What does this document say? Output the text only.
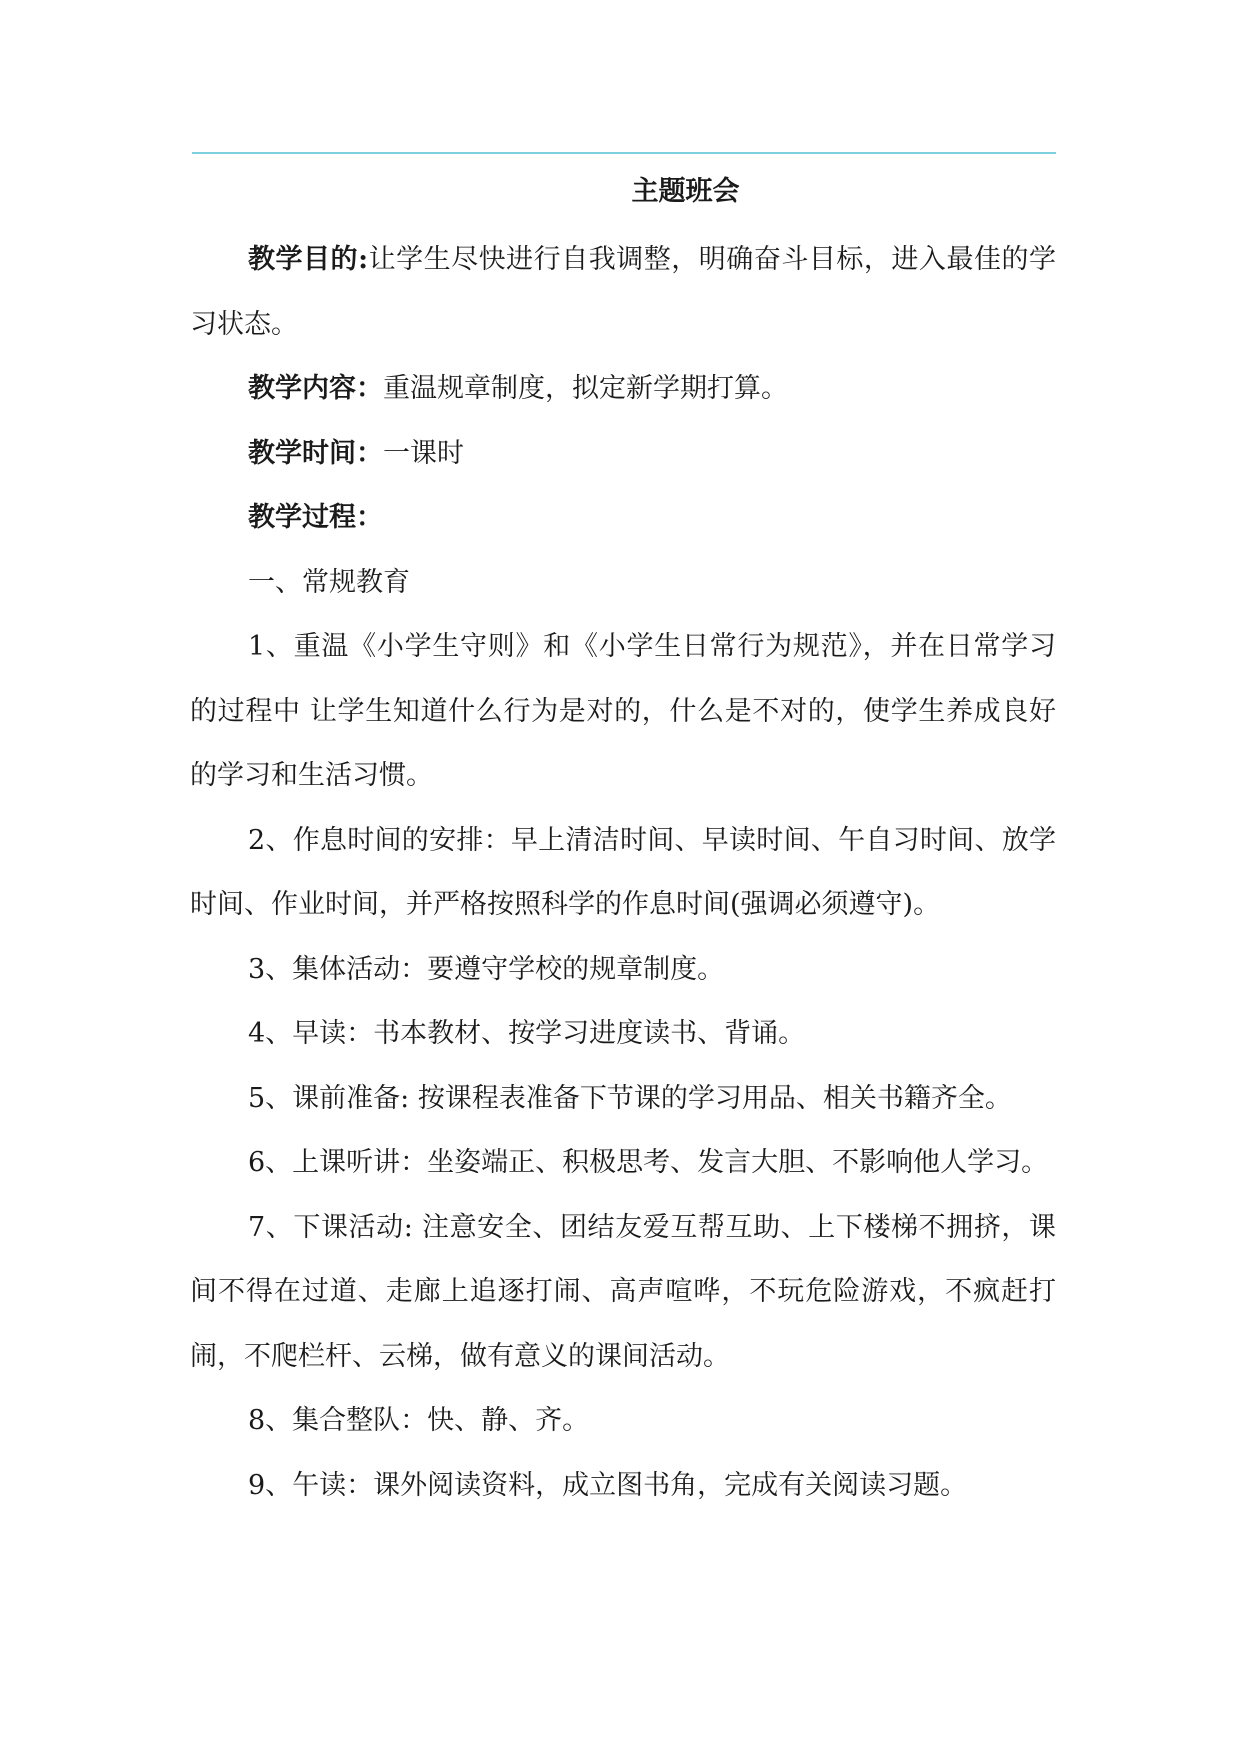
主题班会

教学目的:让学生尽快进行自我调整，明确奋斗目标，进入最佳的学习状态。

教学内容：重温规章制度，拟定新学期打算。

教学时间：一课时

教学过程：

一、常规教育

1、重温《小学生守则》和《小学生日常行为规范》，并在日常学习的过程中 让学生知道什么行为是对的，什么是不对的，使学生养成良好的学习和生活习惯。

2、作息时间的安排：早上清洁时间、早读时间、午自习时间、放学时间、作业时间，并严格按照科学的作息时间(强调必须遵守)。

3、集体活动：要遵守学校的规章制度。

4、早读：书本教材、按学习进度读书、背诵。

5、课前准备: 按课程表准备下节课的学习用品、相关书籍齐全。

6、上课听讲：坐姿端正、积极思考、发言大胆、不影响他人学习。

7、下课活动: 注意安全、团结友爱互帮互助、上下楼梯不拥挤，课间不得在过道、走廊上追逐打闹、高声喧哗，不玩危险游戏，不疯赶打闹，不爬栏杆、云梯，做有意义的课间活动。

8、集合整队：快、静、齐。

9、午读：课外阅读资料，成立图书角，完成有关阅读习题。
